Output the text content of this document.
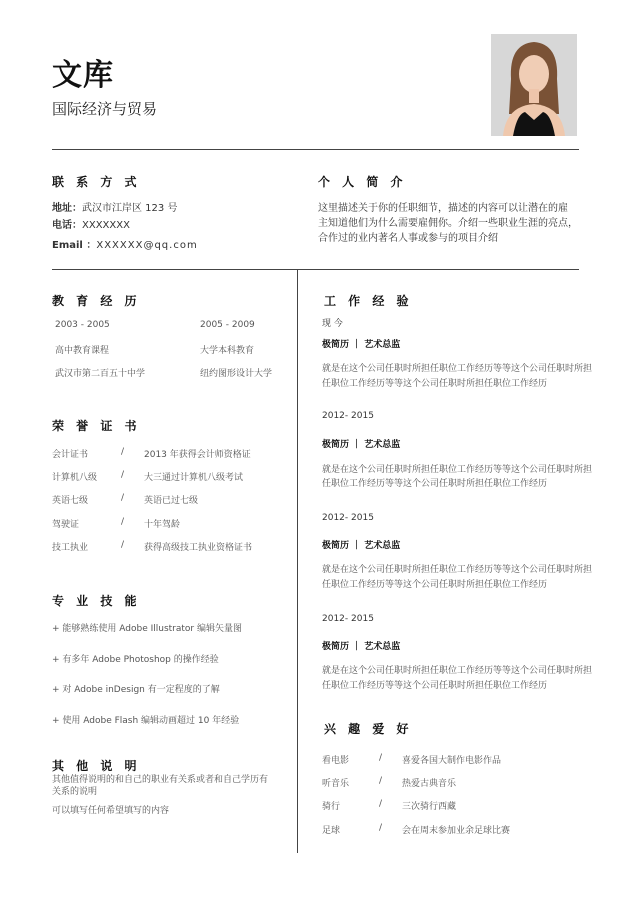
文库
国际经济与贸易
联 系 方 式
地址：武汉市江岸区 123 号
电话：XXXXXXX
Email ：XXXXXX@qq.com
个 人 简 介
这里描述关于你的任职细节，描述的内容可以让潜在的雇
主知道他们为什么需要雇佣你。介绍一些职业生涯的亮点，
合作过的业内著名人事或参与的项目介绍
教 育 经 历
2003 - 2005	2005 - 2009
高中教育课程	大学本科教育
武汉市第二百五十中学	纽约图形设计大学
荣 誉 证 书
会计证书	/ 2013 年获得会计师资格证
计算机八级	/ 大三通过计算机八级考试
英语七级	/ 英语已过七级
驾驶证	/ 十年驾龄
技工执业	/ 获得高级技工执业资格证书
专 业 技 能
+ 能够熟练使用 Adobe Illustrator 编辑矢量图
+ 有多年 Adobe Photoshop 的操作经验
+ 对 Adobe inDesign 有一定程度的了解
+ 使用 Adobe Flash 编辑动画超过 10 年经验
其 他 说 明
其他值得说明的和自己的职业有关系或者和自己学历有
关系的说明
可以填写任何希望填写的内容
工 作 经 验
现 今
极简历 ｜ 艺术总监
就是在这个公司任职时所担任职位工作经历等等这个公司任职时所担
任职位工作经历等等这个公司任职时所担任职位工作经历
2012- 2015
极简历 ｜ 艺术总监
就是在这个公司任职时所担任职位工作经历等等这个公司任职时所担
任职位工作经历等等这个公司任职时所担任职位工作经历
2012- 2015
极简历 ｜ 艺术总监
就是在这个公司任职时所担任职位工作经历等等这个公司任职时所担
任职位工作经历等等这个公司任职时所担任职位工作经历
2012- 2015
极简历 ｜ 艺术总监
就是在这个公司任职时所担任职位工作经历等等这个公司任职时所担
任职位工作经历等等这个公司任职时所担任职位工作经历
兴 趣 爱 好
看电影	/ 喜爱各国大制作电影作品
听音乐	/ 热爱古典音乐
骑行	/ 三次骑行西藏
足球	/ 会在周末参加业余足球比赛
